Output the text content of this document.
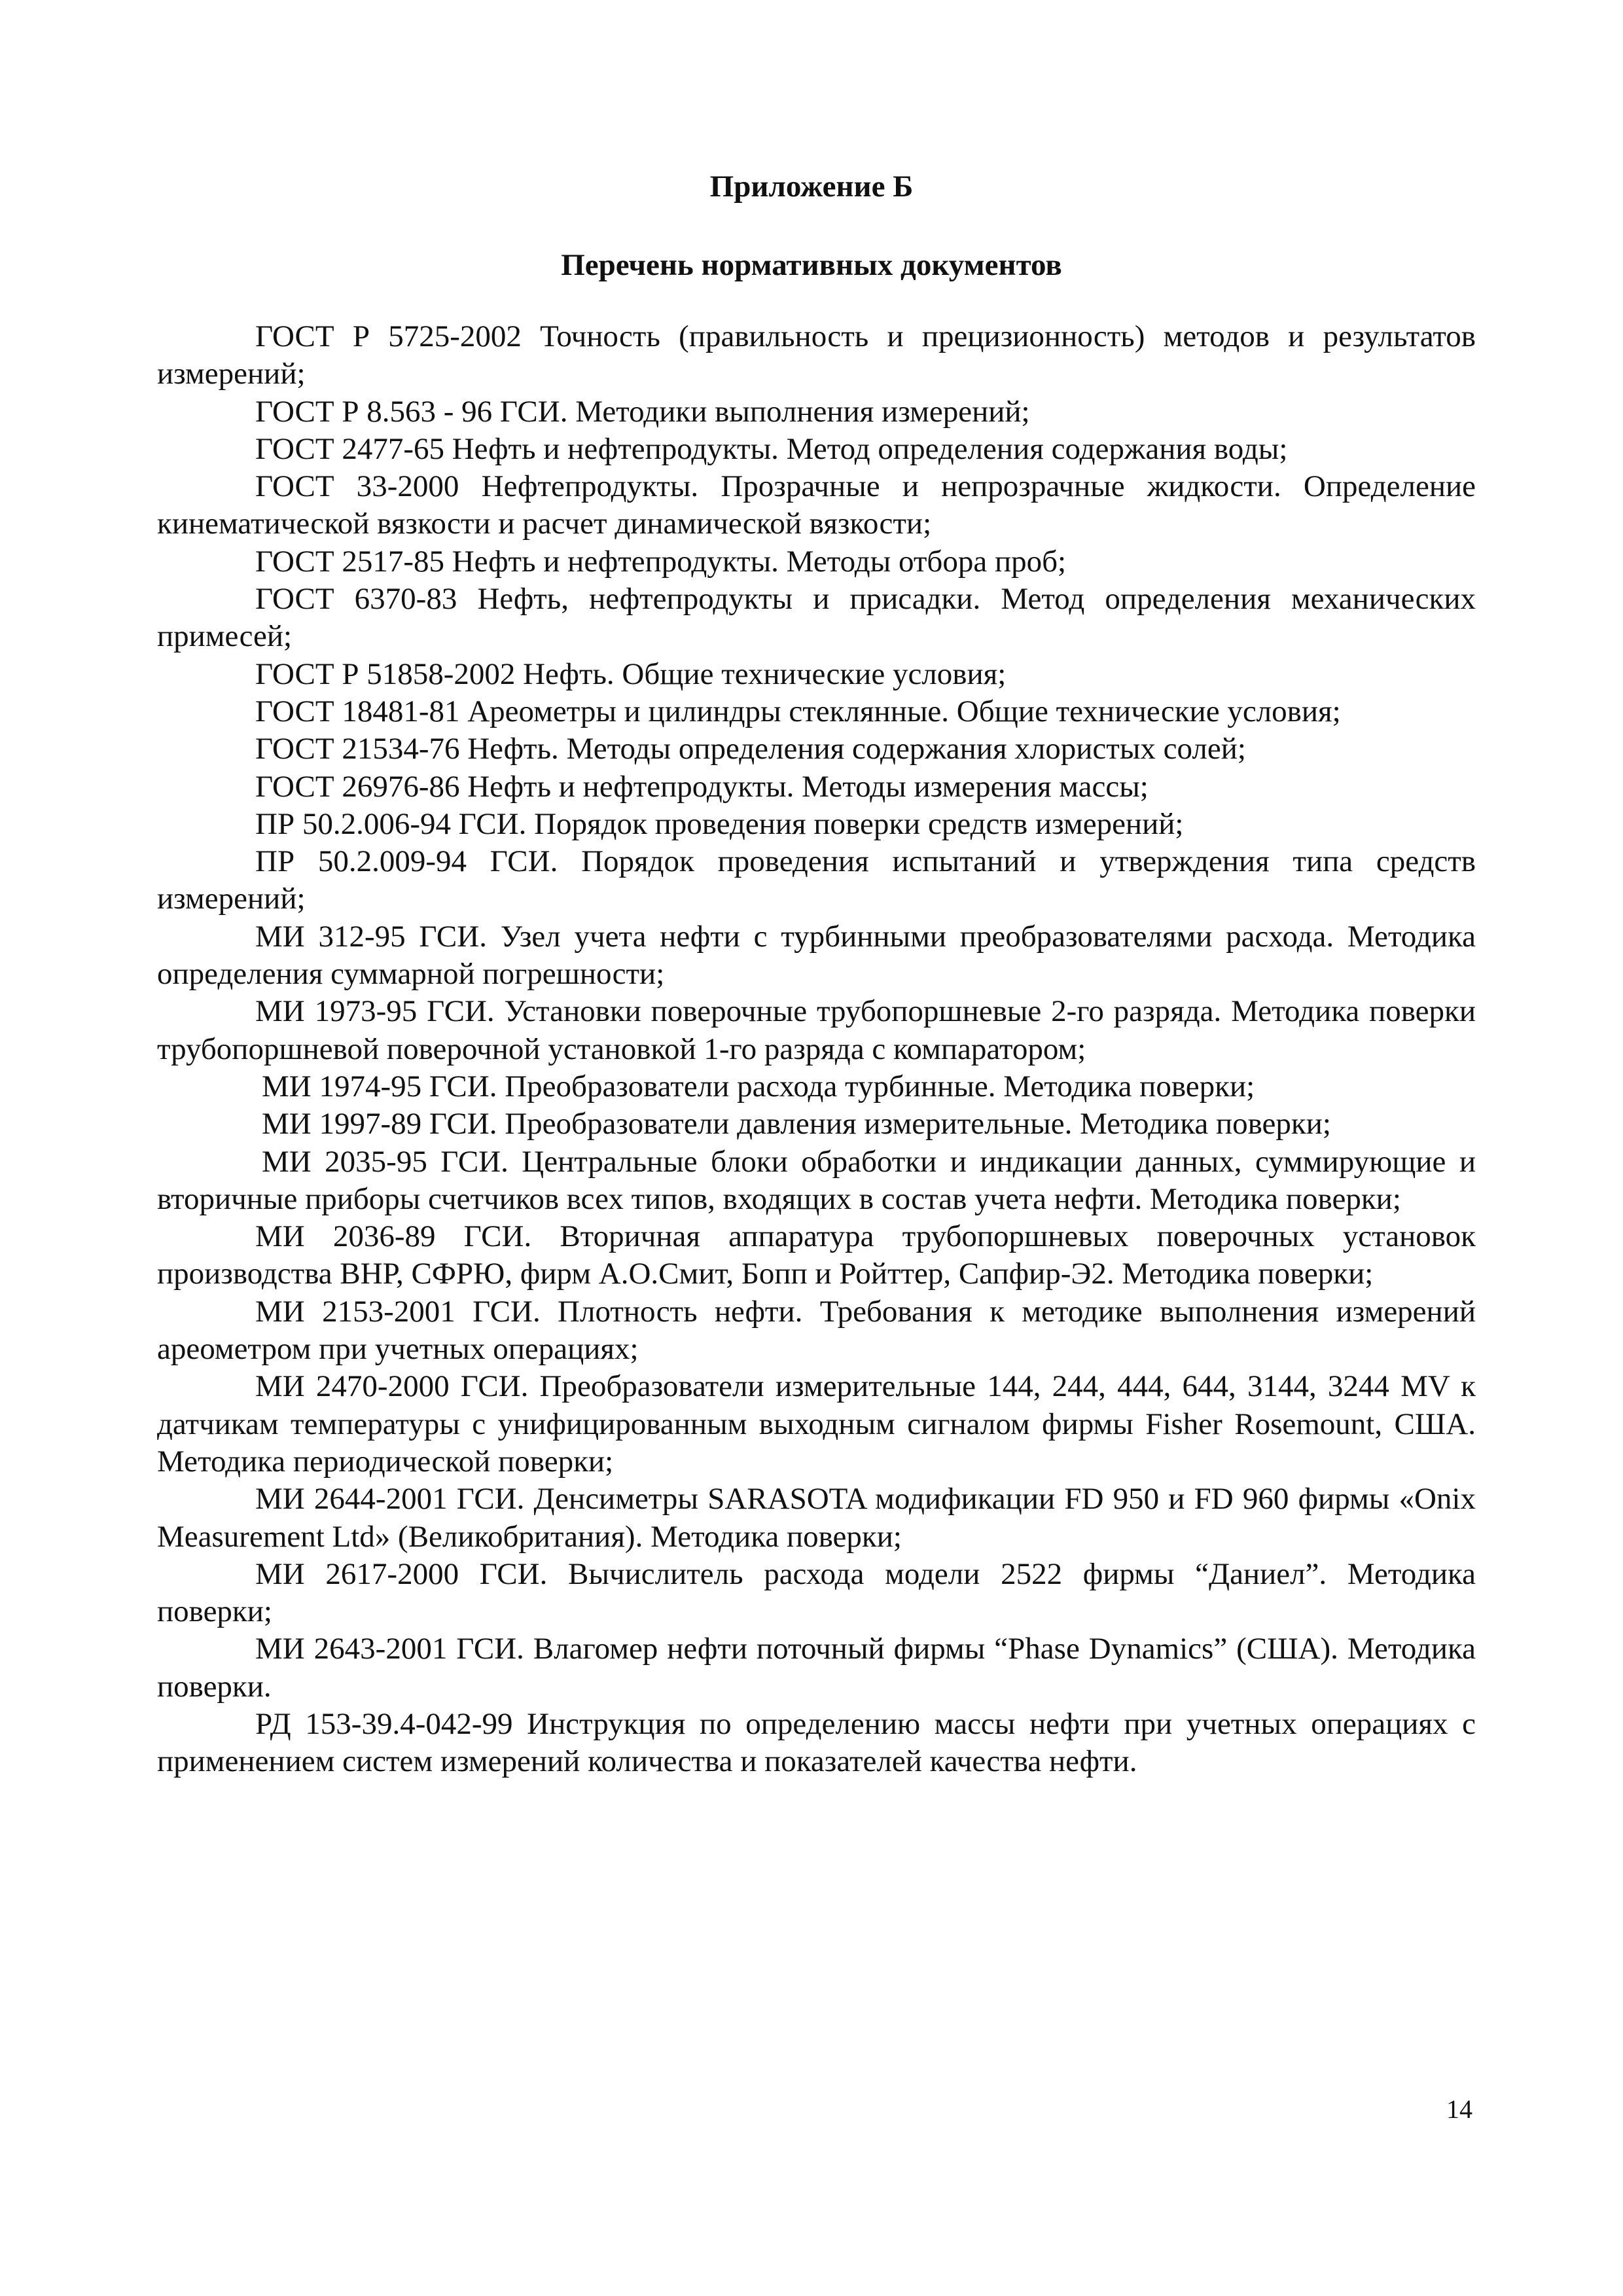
Приложение Б
Перечень нормативных документов

ГОСТ Р 5725-2002 Точность (правильность и прецизионность) методов и результатов измерений;

ГОСТ Р 8.563 - 96 ГСИ. Методики выполнения измерений;

ГОСТ 2477-65 Нефть и нефтепродукты. Метод определения содержания воды;

ГОСТ 33-2000 Нефтепродукты. Прозрачные и непрозрачные жидкости. Определение кинематической вязкости и расчет динамической вязкости;

ГОСТ 2517-85 Нефть и нефтепродукты. Методы отбора проб;

ГОСТ 6370-83 Нефть, нефтепродукты и присадки. Метод определения механических примесей;

ГОСТ Р 51858-2002 Нефть. Общие технические условия;

ГОСТ 18481-81 Ареометры и цилиндры стеклянные. Общие технические условия;

ГОСТ 21534-76 Нефть. Методы определения содержания хлористых солей;

ГОСТ 26976-86 Нефть и нефтепродукты. Методы измерения массы;

ПР 50.2.006-94 ГСИ. Порядок проведения поверки средств измерений;

ПР 50.2.009-94 ГСИ. Порядок проведения испытаний и утверждения типа средств измерений;

МИ 312-95 ГСИ. Узел учета нефти с турбинными преобразователями расхода. Методика определения суммарной погрешности;

МИ 1973-95 ГСИ. Установки поверочные трубопоршневые 2-го разряда. Методика поверки трубопоршневой поверочной установкой 1-го разряда с компаратором;

МИ 1974-95 ГСИ. Преобразователи расхода турбинные. Методика поверки;

МИ 1997-89 ГСИ. Преобразователи давления измерительные. Методика поверки;

МИ 2035-95 ГСИ. Центральные блоки обработки и индикации данных, суммирующие и вторичные приборы счетчиков всех типов, входящих в состав учета нефти. Методика поверки;

МИ 2036-89 ГСИ. Вторичная аппаратура трубопоршневых поверочных установок производства ВНР, СФРЮ, фирм А.О.Смит, Бопп и Ройттер, Сапфир-Э2. Методика поверки;

МИ 2153-2001 ГСИ. Плотность нефти. Требования к методике выполнения измерений ареометром при учетных операциях;

МИ 2470-2000 ГСИ. Преобразователи измерительные 144, 244, 444, 644, 3144, 3244 MV к датчикам температуры с унифицированным выходным сигналом фирмы Fisher Rosemount, США. Методика периодической поверки;

МИ 2644-2001 ГСИ. Денсиметры SARASOTA модификации FD 950 и FD 960 фирмы «Onix Measurement Ltd» (Великобритания). Методика поверки;

МИ 2617-2000 ГСИ. Вычислитель расхода модели 2522 фирмы “Даниел”. Методика поверки;

МИ 2643-2001 ГСИ. Влагомер нефти поточный фирмы “Phase Dynamics” (США). Методика поверки.

РД 153-39.4-042-99 Инструкция по определению массы нефти при учетных операциях с применением систем измерений количества и показателей качества нефти.

14
